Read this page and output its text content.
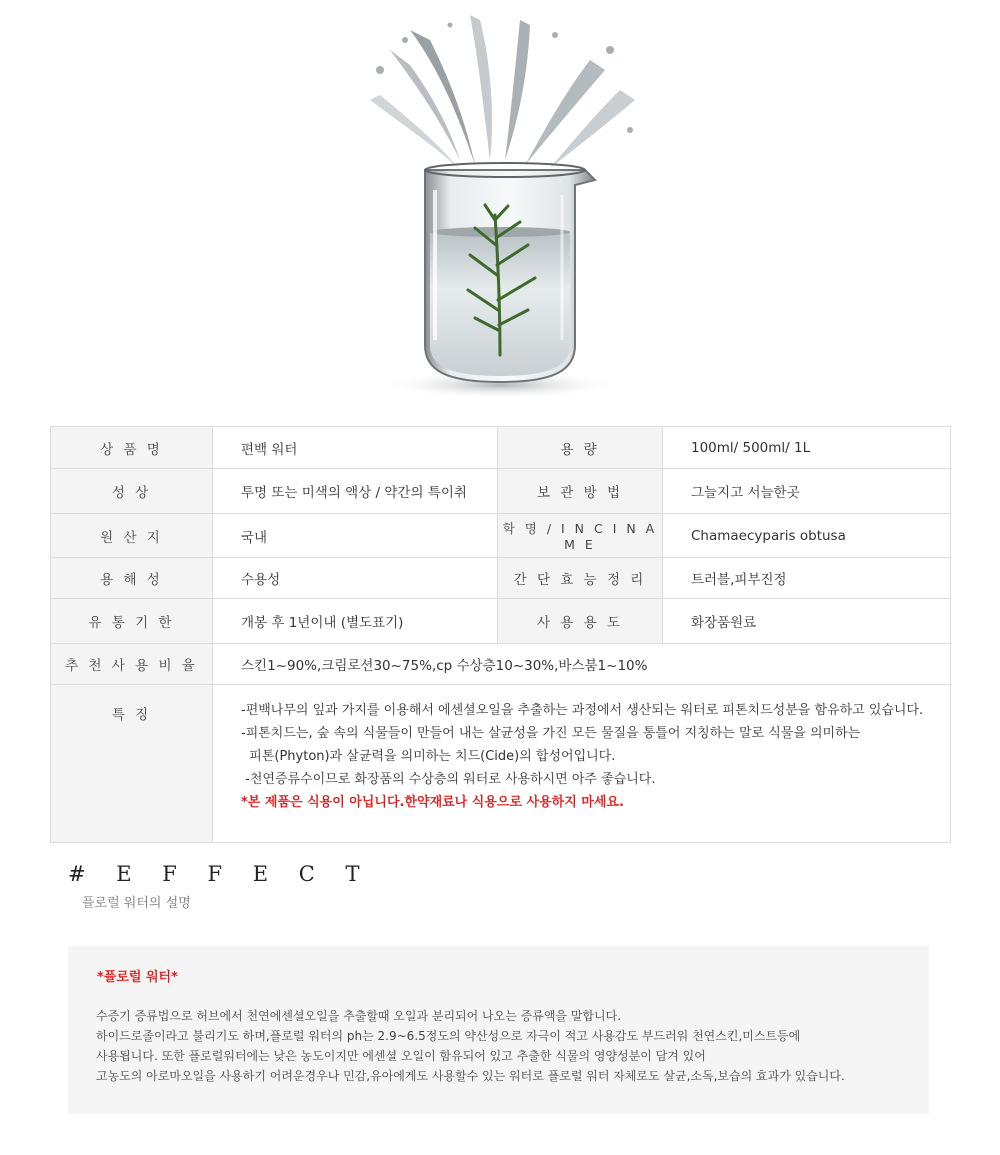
상 품 명	편백 워터	용 량	100ml/ 500ml/ 1L
성 상	투명 또는 미색의 액상 / 약간의 특이취	보 관 방 법	그늘지고 서늘한곳
원 산 지	국내	학 명 / I N C I N A M E	Chamaecyparis obtusa
용 해 성	수용성	간 단 효 능 정 리	트러블,피부진정
유 통 기 한	개봉 후 1년이내 (별도표기)	사 용 용 도	화장품원료
추 천 사 용 비 율	스킨1~90%,크림로션30~75%,cp 수상층10~30%,바스붐1~10%		
특 징	-편백나무의 잎과 가지를 이용해서 에센셜오일을 추출하는 과정에서 생산되는 워터로 피톤치드성분을 함유하고 있습니다.
-피톤치드는, 숲 속의 식물들이 만들어 내는 살균성을 가진 모든 물질을 통틀어 지칭하는 말로 식물을 의미하는
피톤(Phyton)과 살균력을 의미하는 치드(Cide)의 합성어입니다.
-천연증류수이므로 화장품의 수상층의 워터로 사용하시면 아주 좋습니다.
*본 제품은 식용이 아닙니다.한약재료나 식용으로 사용하지 마세요.		
# E F F E C T
플로럴 워터의 설명
*플로럴 워터*
수증기 증류법으로 허브에서 천연에센셜오일을 추출할때 오일과 분리되어 나오는 증류액을 말합니다.
하이드로졸이라고 불리기도 하며,플로럴 워터의 ph는 2.9~6.5정도의 약산성으로 자극이 적고 사용감도 부드러워 천연스킨,미스트등에
사용됩니다. 또한 플로럴워터에는 낮은 농도이지만 에센셜 오일이 함유되어 있고 추출한 식물의 영양성분이 담겨 있어
고농도의 아로마오일을 사용하기 어려운경우나 민감,유아에게도 사용할수 있는 워터로 플로럴 워터 자체로도 살균,소독,보습의 효과가 있습니다.
